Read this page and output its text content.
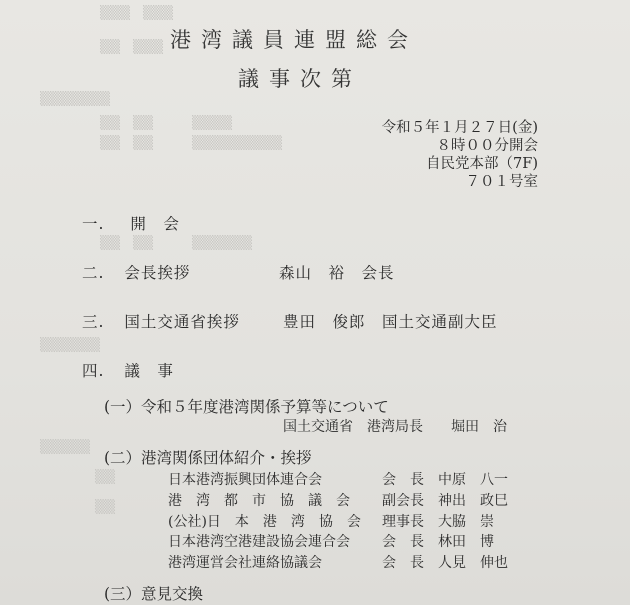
▒▒▒　▒▒▒
▒▒　▒▒▒
▒▒▒▒▒▒▒
▒▒　▒▒　　　▒▒▒▒
▒▒　▒▒　　　▒▒▒▒▒▒▒▒▒
▒▒　▒▒　　　▒▒▒▒▒▒
▒▒▒▒▒▒
▒▒▒▒▒
▒▒
▒▒
港湾議員連盟総会
議事次第
令和５年１月２７日(金)
８時００分開会
自民党本部（7F)
７０１号室
一. 開　会
二. 会長挨拶	森山　裕　会長
三. 国土交通省挨拶	豊田　俊郎　国土交通副大臣
四. 議　事
(一）令和５年度港湾関係予算等について
国土交通省　港湾局長　　堀田　治
(二）港湾関係団体紹介・挨拶
日本港湾振興団体連合会	会　長 中原　八一
港　湾　都　市　協　議　会 副会長 神出　政巳
(公社)日　本　港　湾　協　会 理事長 大脇　崇
日本港湾空港建設協会連合会 会　長 林田　博
港湾運営会社連絡協議会	会　長 人見　伸也
(三）意見交換
